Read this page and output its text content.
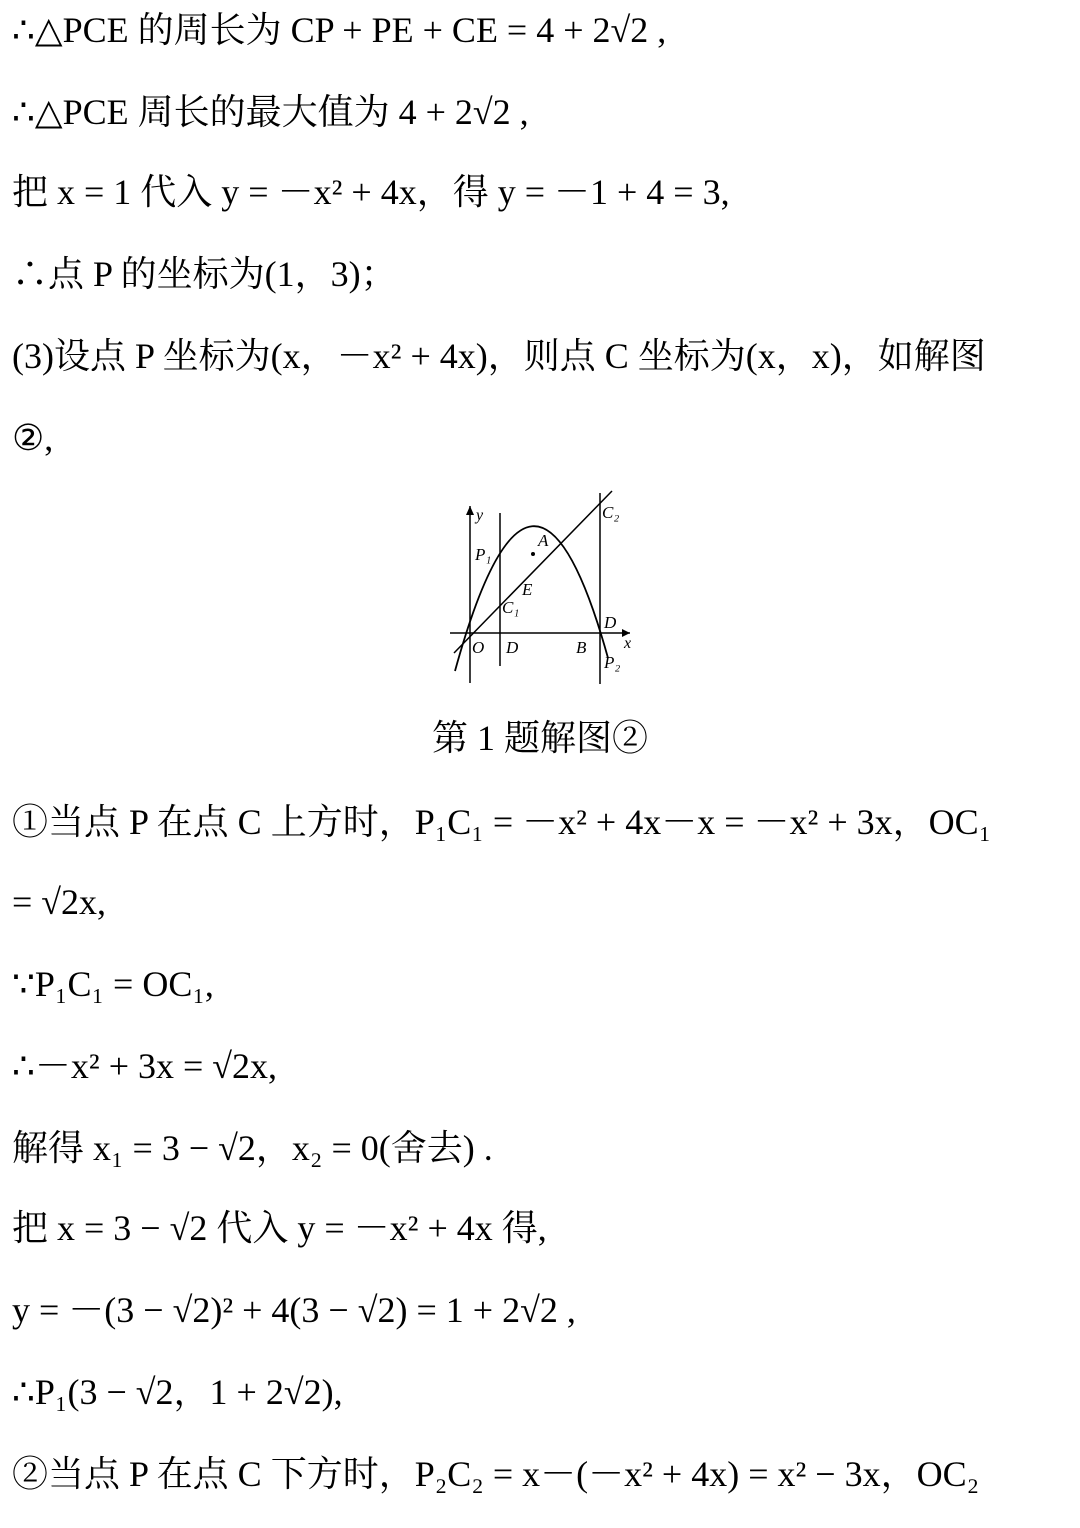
∴△PCE 的周长为 CP + PE + CE = 4 + 2√2 ,
∴△PCE 周长的最大值为 4 + 2√2 ,
把 x = 1 代入 y = －x² + 4x，得 y = －1 + 4 = 3,
∴点 P 的坐标为(1，3)；
(3)设点 P 坐标为(x，－x² + 4x)，则点 C 坐标为(x，x)，如解图
②,
y
x
O
P₁
A
E
C₁
D	B
C₂
D
P₂
第 1 题解图②
①当点 P 在点 C 上方时，P₁C₁ = －x² + 4x－x = －x² + 3x，OC₁
= √2x,
∵P₁C₁ = OC₁,
∴－x² + 3x = √2x,
解得 x₁ = 3 − √2，x₂ = 0(舍去) .
把 x = 3 − √2 代入 y = －x² + 4x 得,
y = －(3 − √2)² + 4(3 − √2) = 1 + 2√2 ,
∴P₁(3 − √2，1 + 2√2),
②当点 P 在点 C 下方时，P₂C₂ = x－(－x² + 4x) = x² − 3x，OC₂
